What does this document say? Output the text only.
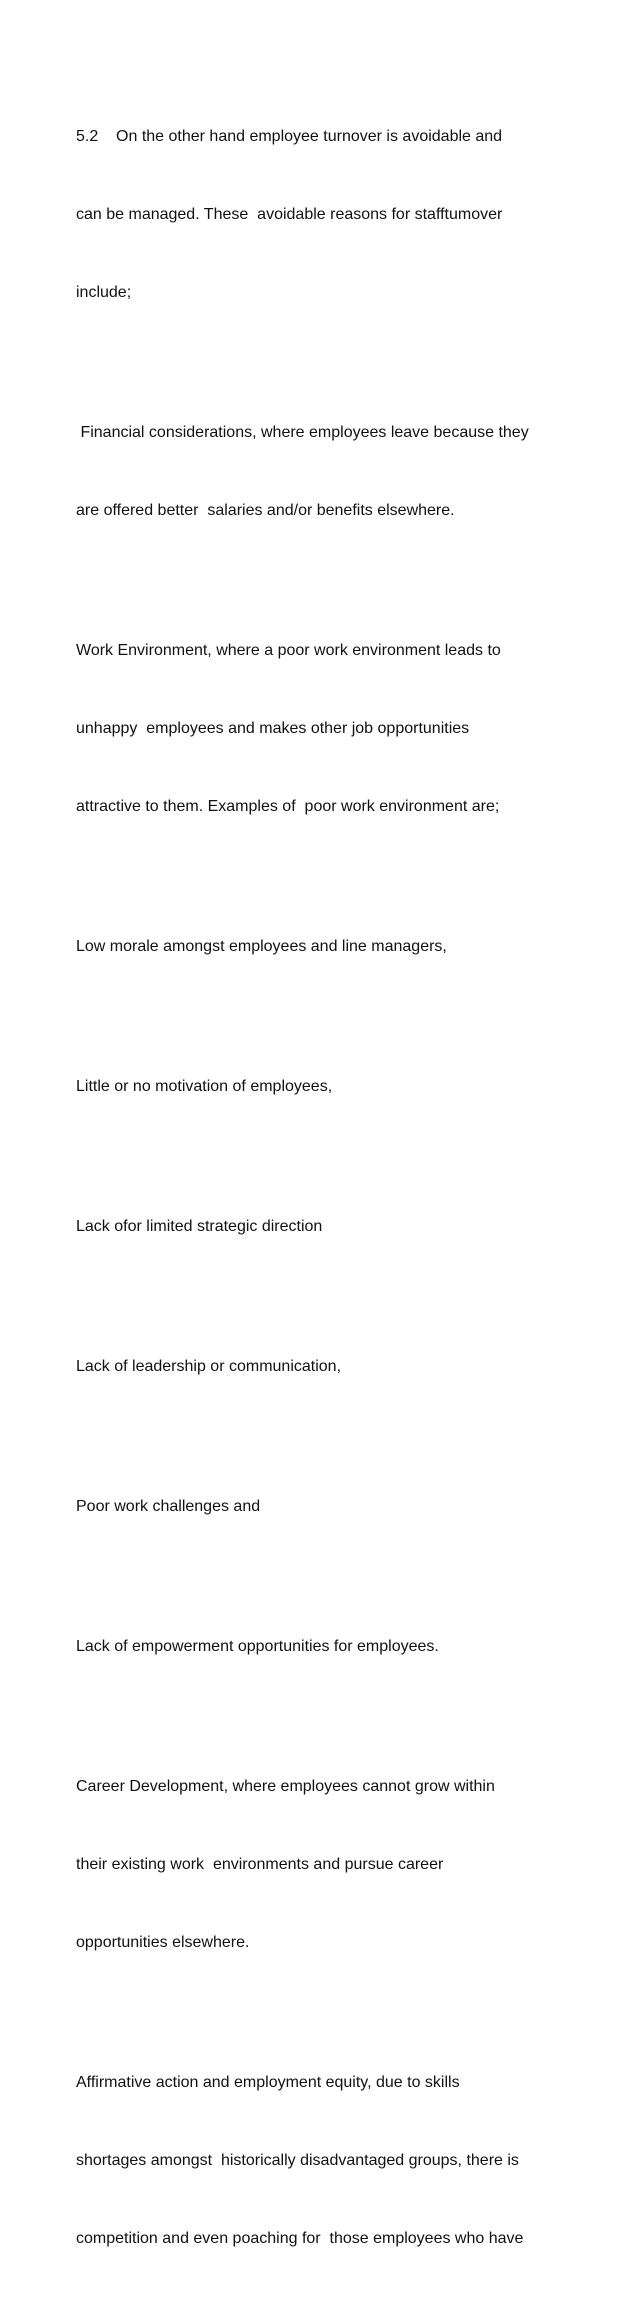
5.2    On the other hand employee turnover is avoidable and

can be managed. These  avoidable reasons for stafftumover

include;

Financial considerations, where employees leave because they

are offered better  salaries and/or benefits elsewhere.

Work Environment, where a poor work environment leads to

unhappy  employees and makes other job opportunities

attractive to them. Examples of  poor work environment are;

Low morale amongst employees and line managers,

Little or no motivation of employees,

Lack ofor limited strategic direction

Lack of leadership or communication,

Poor work challenges and

Lack of empowerment opportunities for employees.

Career Development, where employees cannot grow within

their existing work  environments and pursue career

opportunities elsewhere.

Affirmative action and employment equity, due to skills

shortages amongst  historically disadvantaged groups, there is

competition and even poaching for  those employees who have
